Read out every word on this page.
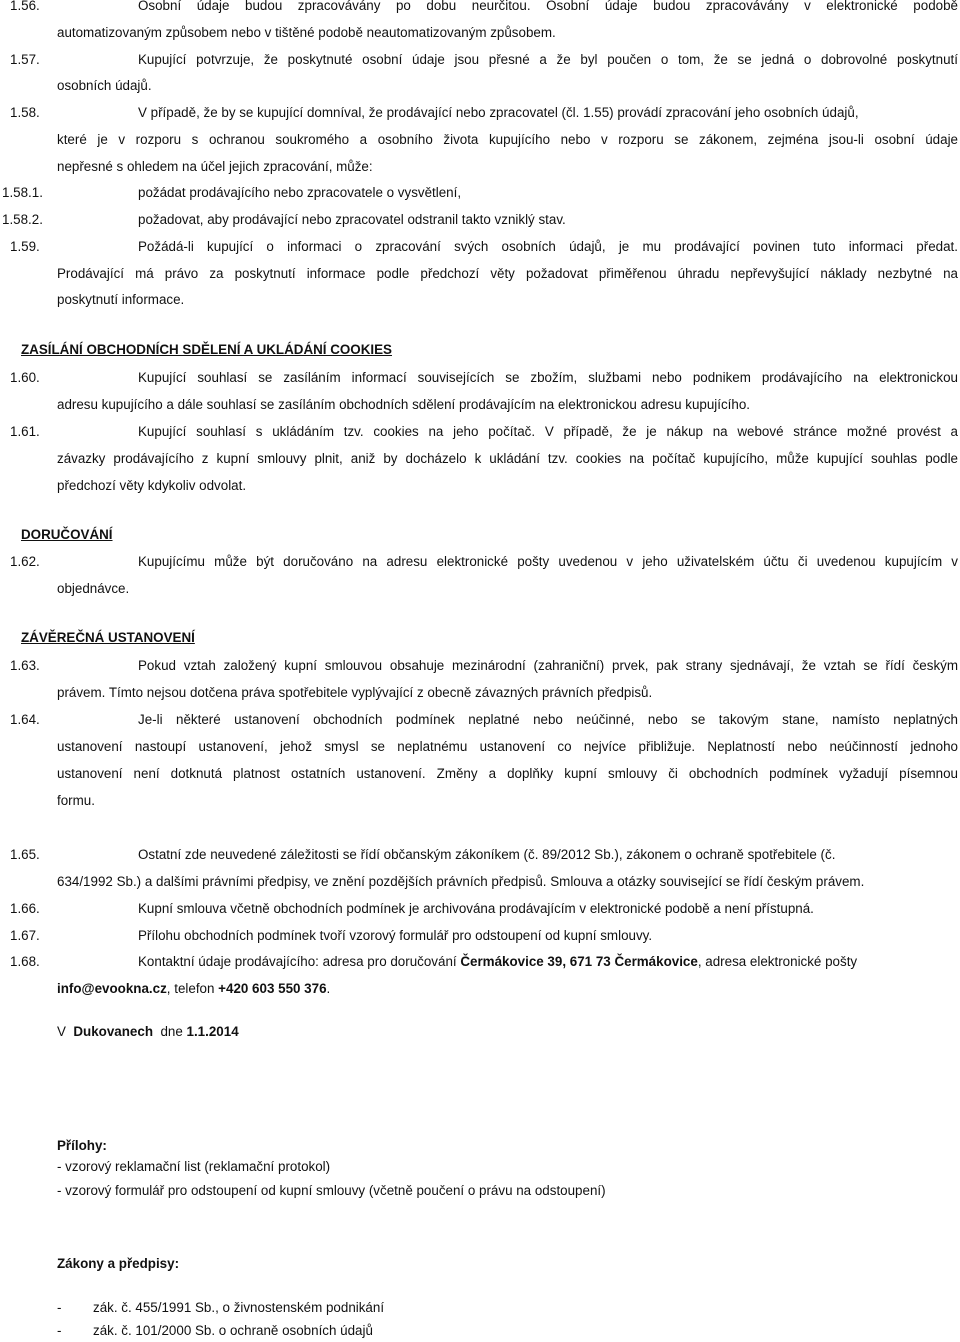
1.56.	Osobní údaje budou zpracovávány po dobu neurčitou. Osobní údaje budou zpracovávány v elektronické podobě
automatizovaným způsobem nebo v tištěné podobě neautomatizovaným způsobem.
1.57.	Kupující potvrzuje, že poskytnuté osobní údaje jsou přesné a že byl poučen o tom, že se jedná o dobrovolné poskytnutí
osobních údajů.
1.58.	V případě, že by se kupující domníval, že prodávající nebo zpracovatel (čl. 1.55) provádí zpracování jeho osobních údajů,
které je v rozporu s ochranou soukromého a osobního života kupujícího nebo v rozporu se zákonem, zejména jsou-li osobní údaje
nepřesné s ohledem na účel jejich zpracování, může:
1.58.1.	požádat prodávajícího nebo zpracovatele o vysvětlení,
1.58.2.	požadovat, aby prodávající nebo zpracovatel odstranil takto vzniklý stav.
1.59.	Požádá-li kupující o informaci o zpracování svých osobních údajů, je mu prodávající povinen tuto informaci předat.
Prodávající má právo za poskytnutí informace podle předchozí věty požadovat přiměřenou úhradu nepřevyšující náklady nezbytné na
poskytnutí informace.
ZASÍLÁNÍ OBCHODNÍCH SDĚLENÍ A UKLÁDÁNÍ COOKIES
1.60.	Kupující souhlasí se zasíláním informací souvisejících se zbožím, službami nebo podnikem prodávajícího na elektronickou
adresu kupujícího a dále souhlasí se zasíláním obchodních sdělení prodávajícím na elektronickou adresu kupujícího.
1.61.	Kupující souhlasí s ukládáním tzv. cookies na jeho počítač. V případě, že je nákup na webové stránce možné provést a
závazky prodávajícího z kupní smlouvy plnit, aniž by docházelo k ukládání tzv. cookies na počítač kupujícího, může kupující souhlas podle
předchozí věty kdykoliv odvolat.
DORUČOVÁNÍ
1.62.	Kupujícímu může být doručováno na adresu elektronické pošty uvedenou v jeho uživatelském účtu či uvedenou kupujícím v
objednávce.
ZÁVĚREČNÁ USTANOVENÍ
1.63.	Pokud vztah založený kupní smlouvou obsahuje mezinárodní (zahraniční) prvek, pak strany sjednávají, že vztah se řídí českým
právem. Tímto nejsou dotčena práva spotřebitele vyplývající z obecně závazných právních předpisů.
1.64.	Je-li některé ustanovení obchodních podmínek neplatné nebo neúčinné, nebo se takovým stane, namísto neplatných
ustanovení nastoupí ustanovení, jehož smysl se neplatnému ustanovení co nejvíce přibližuje. Neplatností nebo neúčinností jednoho
ustanovení není dotknutá platnost ostatních ustanovení. Změny a doplňky kupní smlouvy či obchodních podmínek vyžadují písemnou
formu.
1.65.	Ostatní zde neuvedené záležitosti se řídí občanským zákoníkem (č. 89/2012 Sb.), zákonem o ochraně spotřebitele (č.
634/1992 Sb.) a dalšími právními předpisy, ve znění pozdějších právních předpisů. Smlouva a otázky související se řídí českým právem.
1.66.	Kupní smlouva včetně obchodních podmínek je archivována prodávajícím v elektronické podobě a není přístupná.
1.67.	Přílohu obchodních podmínek tvoří vzorový formulář pro odstoupení od kupní smlouvy.
1.68.	Kontaktní údaje prodávajícího: adresa pro doručování Čermákovice 39, 671 73 Čermákovice, adresa elektronické pošty
info@evookna.cz, telefon +420 603 550 376.
V  Dukovanech  dne 1.1.2014
Přílohy:
- vzorový reklamační list (reklamační protokol)
- vzorový formulář pro odstoupení od kupní smlouvy (včetně poučení o právu na odstoupení)
Zákony a předpisy:
- zák. č. 455/1991 Sb., o živnostenském podnikání
- zák. č. 101/2000 Sb. o ochraně osobních údajů
